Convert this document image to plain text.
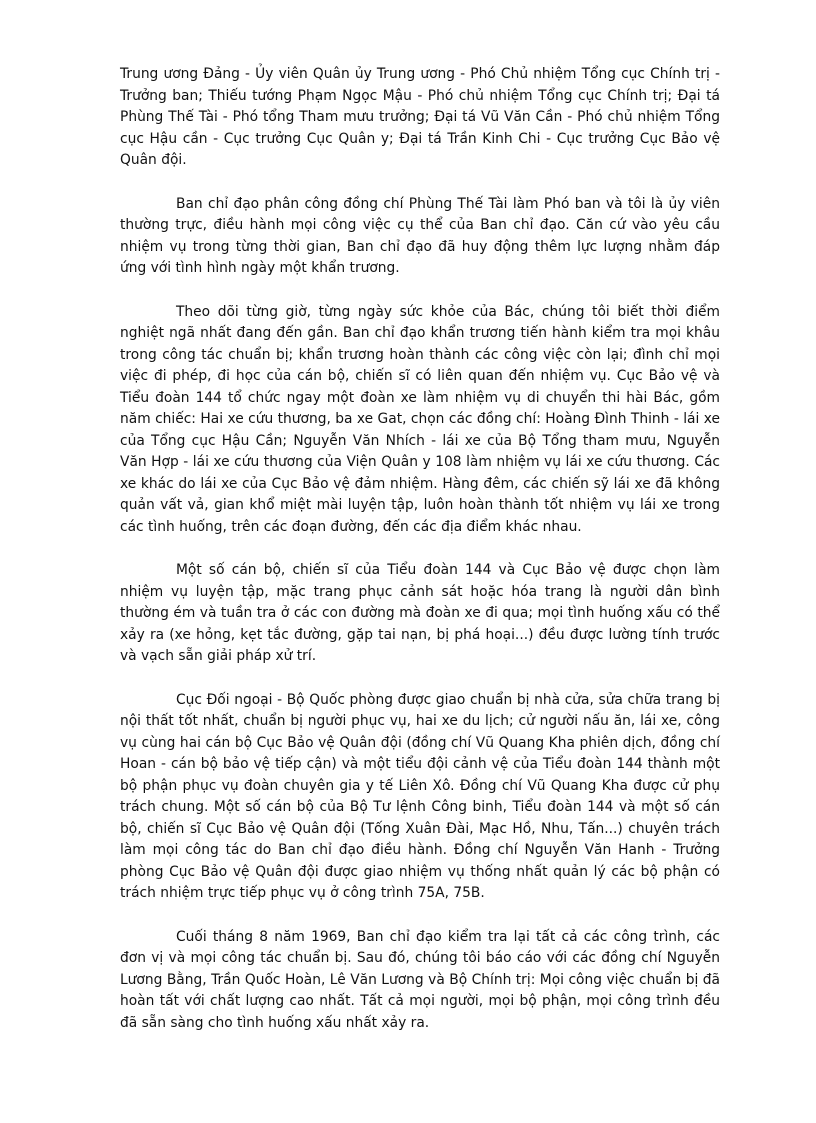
Trung ương Đảng - Ủy viên Quân ủy Trung ương - Phó Chủ nhiệm Tổng cục Chính trị - Trưởng ban; Thiếu tướng Phạm Ngọc Mậu - Phó chủ nhiệm Tổng cục Chính trị; Đại tá Phùng Thế Tài - Phó tổng Tham mưu trưởng; Đại tá Vũ Văn Cần - Phó chủ nhiệm Tổng cục Hậu cần - Cục trưởng Cục Quân y; Đại tá Trần Kinh Chi - Cục trưởng Cục Bảo vệ Quân đội.

Ban chỉ đạo phân công đồng chí Phùng Thế Tài làm Phó ban và tôi là ủy viên thường trực, điều hành mọi công việc cụ thể của Ban chỉ đạo. Căn cứ vào yêu cầu nhiệm vụ trong từng thời gian, Ban chỉ đạo đã huy động thêm lực lượng nhằm đáp ứng với tình hình ngày một khẩn trương.

Theo dõi từng giờ, từng ngày sức khỏe của Bác, chúng tôi biết thời điểm nghiệt ngã nhất đang đến gần. Ban chỉ đạo khẩn trương tiến hành kiểm tra mọi khâu trong công tác chuẩn bị; khẩn trương hoàn thành các công việc còn lại; đình chỉ mọi việc đi phép, đi học của cán bộ, chiến sĩ có liên quan đến nhiệm vụ. Cục Bảo vệ và Tiểu đoàn 144 tổ chức ngay một đoàn xe làm nhiệm vụ di chuyển thi hài Bác, gồm năm chiếc: Hai xe cứu thương, ba xe Gat, chọn các đồng chí: Hoàng Đình Thinh - lái xe của Tổng cục Hậu Cần; Nguyễn Văn Nhích - lái xe của Bộ Tổng tham mưu, Nguyễn Văn Hợp - lái xe cứu thương của Viện Quân y 108 làm nhiệm vụ lái xe cứu thương. Các xe khác do lái xe của Cục Bảo vệ đảm nhiệm. Hàng đêm, các chiến sỹ lái xe đã không quản vất vả, gian khổ miệt mài luyện tập, luôn hoàn thành tốt nhiệm vụ lái xe trong các tình huống, trên các đoạn đường, đến các địa điểm khác nhau.

Một số cán bộ, chiến sĩ của Tiểu đoàn 144 và Cục Bảo vệ được chọn làm nhiệm vụ luyện tập, mặc trang phục cảnh sát hoặc hóa trang là người dân bình thường ém và tuần tra ở các con đường mà đoàn xe đi qua; mọi tình huống xấu có thể xảy ra (xe hỏng, kẹt tắc đường, gặp tai nạn, bị phá hoại...) đều được lường tính trước và vạch sẵn giải pháp xử trí.

Cục Đối ngoại - Bộ Quốc phòng được giao chuẩn bị nhà cửa, sửa chữa trang bị nội thất tốt nhất, chuẩn bị người phục vụ, hai xe du lịch; cử người nấu ăn, lái xe, công vụ cùng hai cán bộ Cục Bảo vệ Quân đội (đồng chí Vũ Quang Kha phiên dịch, đồng chí Hoan - cán bộ bảo vệ tiếp cận) và một tiểu đội cảnh vệ của Tiểu đoàn 144 thành một bộ phận phục vụ đoàn chuyên gia y tế Liên Xô. Đồng chí Vũ Quang Kha được cử phụ trách chung. Một số cán bộ của Bộ Tư lệnh Công binh, Tiểu đoàn 144 và một số cán bộ, chiến sĩ Cục Bảo vệ Quân đội (Tống Xuân Đài, Mạc Hồ, Nhu, Tấn...) chuyên trách làm mọi công tác do Ban chỉ đạo điều hành. Đồng chí Nguyễn Văn Hanh - Trưởng phòng Cục Bảo vệ Quân đội được giao nhiệm vụ thống nhất quản lý các bộ phận có trách nhiệm trực tiếp phục vụ ở công trình 75A, 75B.

Cuối tháng 8 năm 1969, Ban chỉ đạo kiểm tra lại tất cả các công trình, các đơn vị và mọi công tác chuẩn bị. Sau đó, chúng tôi báo cáo với các đồng chí Nguyễn Lương Bằng, Trần Quốc Hoàn, Lê Văn Lương và Bộ Chính trị: Mọi công việc chuẩn bị đã hoàn tất với chất lượng cao nhất. Tất cả mọi người, mọi bộ phận, mọi công trình đều đã sẵn sàng cho tình huống xấu nhất xảy ra.
